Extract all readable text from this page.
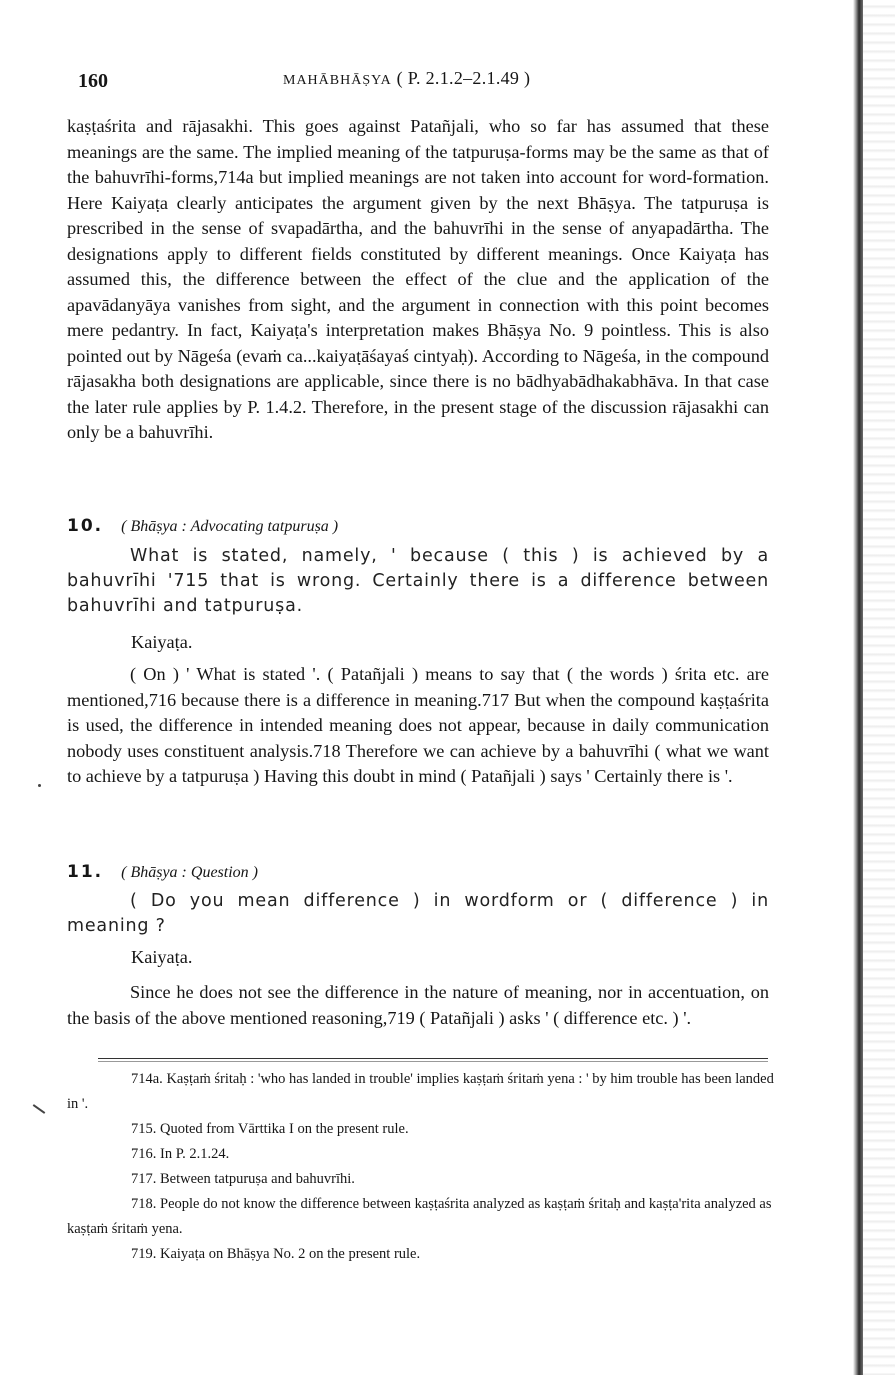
160	MAHĀBHĀṢYA ( P. 2.1.2–2.1.49 )

kaṣṭaśrita and rājasakhi. This goes against Patañjali, who so far has assumed that these meanings are the same. The implied meaning of the tatpuruṣa-forms may be the same as that of the bahuvrīhi-forms,714a but implied meanings are not taken into account for word-formation. Here Kaiyaṭa clearly anticipates the argument given by the next Bhāṣya. The tatpuruṣa is prescribed in the sense of svapadārtha, and the bahuvrīhi in the sense of anyapadārtha. The designations apply to different fields constituted by different meanings. Once Kaiyaṭa has assumed this, the difference between the effect of the clue and the application of the apavādanyāya vanishes from sight, and the argument in connection with this point becomes mere pedantry. In fact, Kaiyaṭa's interpretation makes Bhāṣya No. 9 pointless. This is also pointed out by Nāgeśa (evaṁ ca...kaiyaṭāśayaś cintyaḥ). According to Nāgeśa, in the compound rājasakha both designations are applicable, since there is no bādhyabādhakabhāva. In that case the later rule applies by P. 1.4.2. Therefore, in the present stage of the discussion rājasakhi can only be a bahuvrīhi.

10. ( Bhāṣya : Advocating tatpuruṣa )

What is stated, namely, ' because ( this ) is achieved by a bahuvrīhi '715 that is wrong. Certainly there is a difference between bahuvrīhi and tatpuruṣa.

Kaiyaṭa.

( On ) ' What is stated '. ( Patañjali ) means to say that ( the words ) śrita etc. are mentioned,716 because there is a difference in meaning.717 But when the compound kaṣṭaśrita is used, the difference in intended meaning does not appear, because in daily communication nobody uses constituent analysis.718 Therefore we can achieve by a bahuvrīhi ( what we want to achieve by a tatpuruṣa ) Having this doubt in mind ( Patañjali ) says ' Certainly there is '.

11. ( Bhāṣya : Question )

( Do you mean difference ) in wordform or ( difference ) in meaning ?

Kaiyaṭa.

Since he does not see the difference in the nature of meaning, nor in accentuation, on the basis of the above mentioned reasoning,719 ( Patañjali ) asks ' ( difference etc. ) '.

714a. Kaṣṭaṁ śritaḥ : 'who has landed in trouble' implies kaṣṭaṁ śritaṁ yena : ' by him trouble has been landed in '.

715. Quoted from Vārttika I on the present rule.

716. In P. 2.1.24.

717. Between tatpuruṣa and bahuvrīhi.

718. People do not know the difference between kaṣṭaśrita analyzed as kaṣṭaṁ śritaḥ and kaṣṭa'rita analyzed as kaṣṭaṁ śritaṁ yena.

719. Kaiyaṭa on Bhāṣya No. 2 on the present rule.
